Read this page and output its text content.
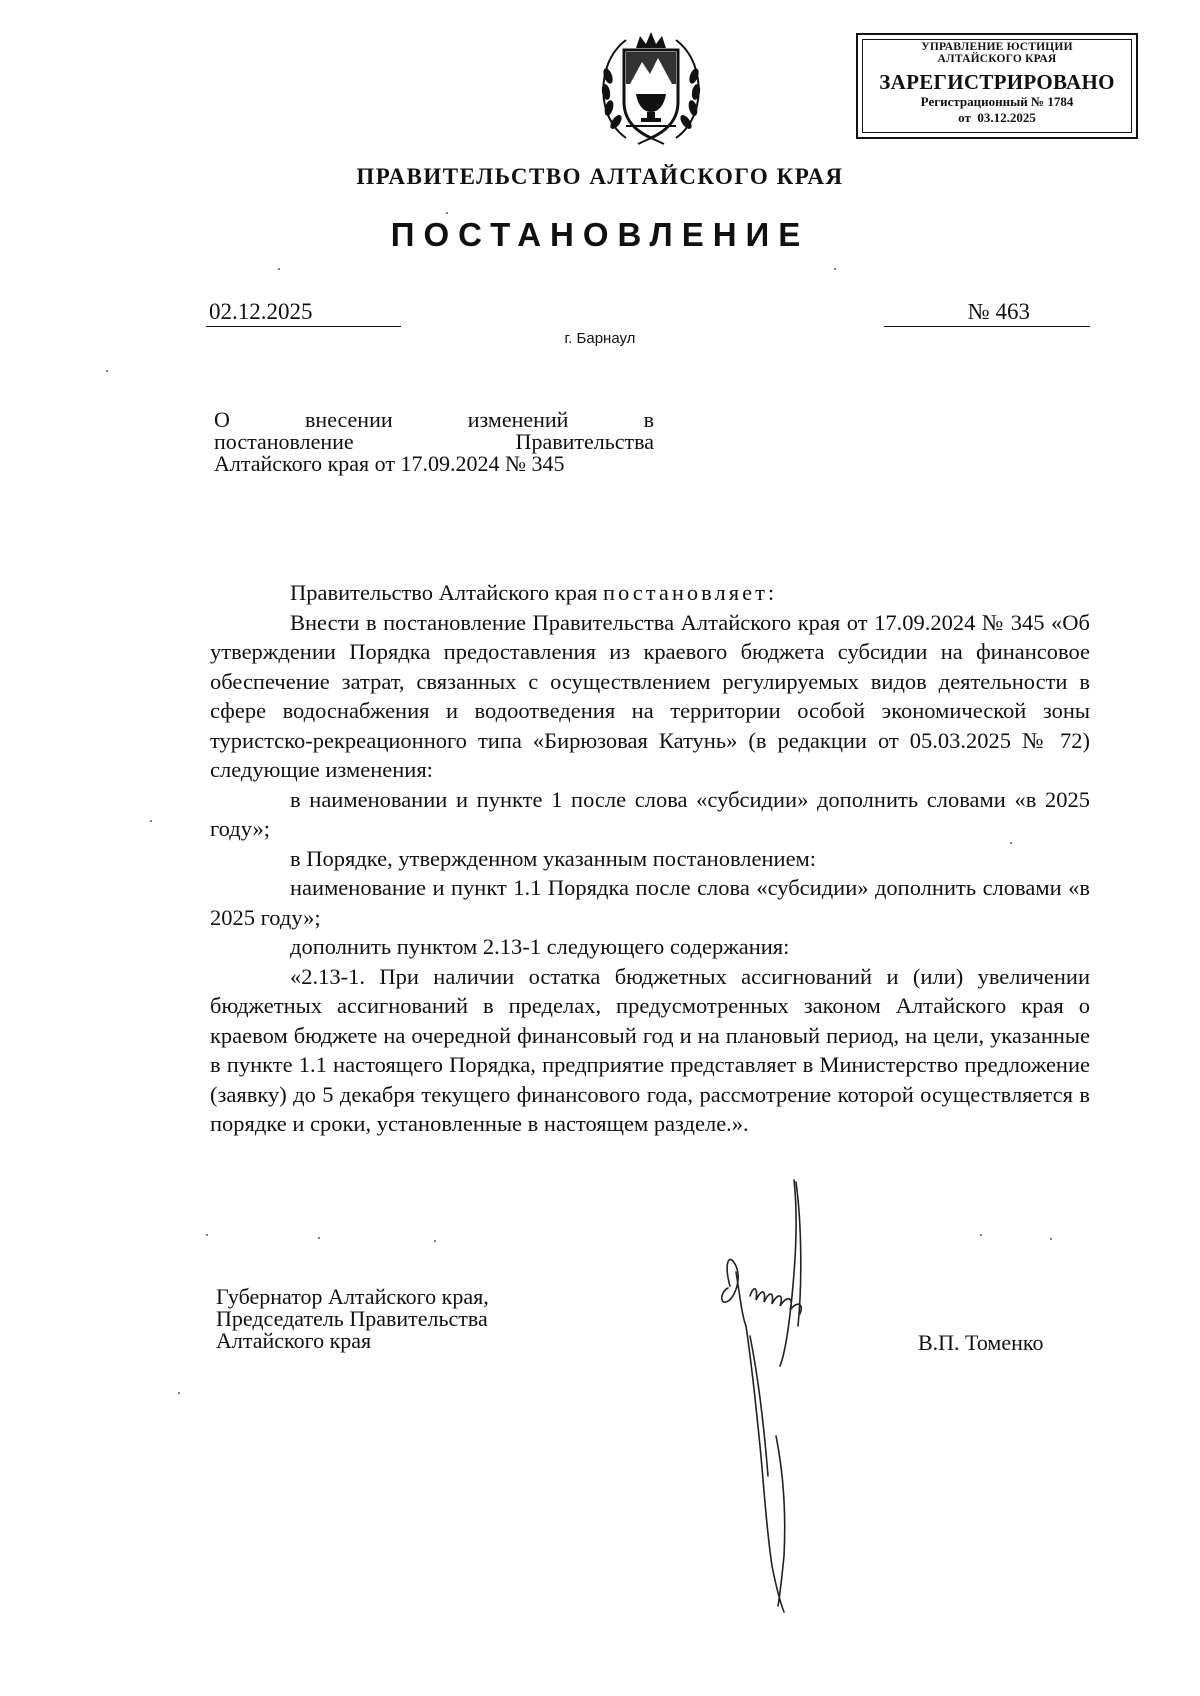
УПРАВЛЕНИЕ ЮСТИЦИИ
АЛТАЙСКОГО КРАЯ
ЗАРЕГИСТРИРОВАНО
Регистрационный № 1784
от  03.12.2025
ПРАВИТЕЛЬСТВО АЛТАЙСКОГО КРАЯ
ПОСТАНОВЛЕНИЕ
02.12.2025	№ 463
г. Барнаул
О внесении изменений в
постановление Правительства
Алтайского края от 17.09.2024 № 345

Правительство Алтайского края постановляет:

Внести в постановление Правительства Алтайского края от 17.09.2024 № 345 «Об утверждении Порядка предоставления из краевого бюджета субсидии на финансовое обеспечение затрат, связанных с осуществлением регулируемых видов деятельности в сфере водоснабжения и водоотведения на территории особой экономической зоны туристско-рекреационного типа «Бирюзовая Катунь» (в редакции от 05.03.2025 № 72) следующие изменения:

в наименовании и пункте 1 после слова «субсидии» дополнить словами «в 2025 году»;

в Порядке, утвержденном указанным постановлением:

наименование и пункт 1.1 Порядка после слова «субсидии» дополнить словами «в 2025 году»;

дополнить пунктом 2.13-1 следующего содержания:

«2.13-1. При наличии остатка бюджетных ассигнований и (или) увеличении бюджетных ассигнований в пределах, предусмотренных законом Алтайского края о краевом бюджете на очередной финансовый год и на плановый период, на цели, указанные в пункте 1.1 настоящего Порядка, предприятие представляет в Министерство предложение (заявку) до 5 декабря текущего финансового года, рассмотрение которой осуществляется в порядке и сроки, установленные в настоящем разделе.».

Губернатор Алтайского края,
Председатель Правительства
Алтайского края	В.П. Томенко
